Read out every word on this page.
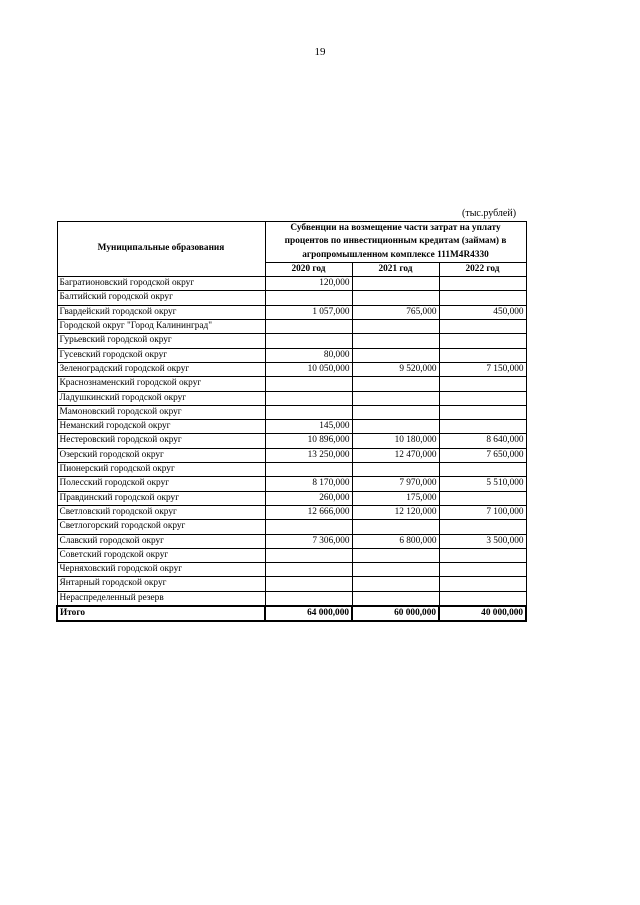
19
(тыс.рублей)
Муниципальные образования	Субвенции на возмещение части затрат на уплату процентов по инвестиционным кредитам (займам) в агропромышленном комплексе 111М4R4330		
	2020 год	2021 год	2022 год
Багратионовский городской округ	120,000		
Балтийский городской округ			
Гвардейский городской округ	1 057,000	765,000	450,000
Городской округ "Город Калининград"			
Гурьевский городской округ			
Гусевский городской округ	80,000		
Зеленоградский городской округ	10 050,000	9 520,000	7 150,000
Краснознаменский городской округ			
Ладушкинский городской округ			
Мамоновский городской округ			
Неманский городской округ	145,000		
Нестеровский городской округ	10 896,000	10 180,000	8 640,000
Озерский городской округ	13 250,000	12 470,000	7 650,000
Пионерский городской округ			
Полесский городской округ	8 170,000	7 970,000	5 510,000
Правдинский городской округ	260,000	175,000	
Светловский городской округ	12 666,000	12 120,000	7 100,000
Светлогорский городской округ			
Славский городской округ	7 306,000	6 800,000	3 500,000
Советский городской округ			
Черняховский городской округ			
Янтарный городской округ			
Нераспределенный резерв			
Итого	64 000,000	60 000,000	40 000,000
